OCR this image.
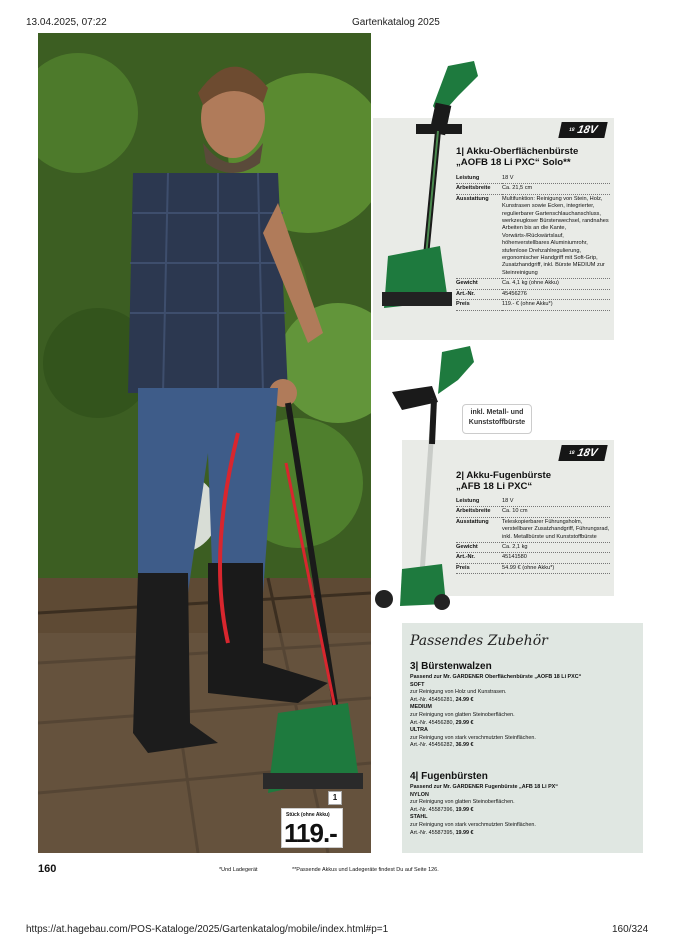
13.04.2025, 07:22	Gartenkatalog 2025
1
Stück (ohne Akku)
119.-
18 18V
1| Akku-Oberflächenbürste
„AOFB 18 Li PXC“ Solo**
Leistung	18 V
Arbeitsbreite	Ca. 21,5 cm
Ausstattung	Multifunktion: Reinigung von Stein, Holz, Kunstrasen sowie Ecken, integrierter, regulierbarer Gartenschlauchanschluss, werkzeugloser Bürstenwechsel, randnahes Arbeiten bis an die Kante, Vorwärts-/Rückwärtslauf, höhenverstellbares Aluminiumrohr, stufenlose Drehzahlregulierung, ergonomischer Handgriff mit Soft-Grip, Zusatzhandgriff, inkl. Bürste MEDIUM zur Steinreinigung
Gewicht	Ca. 4,1 kg (ohne Akku)
Art.-Nr.	45456276
Preis	119.- € (ohne Akku*)
inkl. Metall- und
Kunststoffbürste
18 18V
2| Akku-Fugenbürste
„AFB 18 Li PXC“
Leistung	18 V
Arbeitsbreite	Ca. 10 cm
Ausstattung	Teleskopierbarer Führungsholm, verstellbarer Zusatzhandgriff, Führungsrad, inkl. Metallbürste und Kunststoffbürste
Gewicht	Ca. 2,1 kg
Art.-Nr.	45141580
Preis	54.99 € (ohne Akku*)
Passendes Zubehör
3| Bürstenwalzen
Passend zur Mr. GARDENER Oberflächenbürste „AOFB 18 Li PXC“
SOFT
zur Reinigung von Holz und Kunstrasen.
Art.-Nr. 45456281, 24.99 €
MEDIUM
zur Reinigung von glatten Steinoberflächen.
Art.-Nr. 45456280, 29.99 €
ULTRA
zur Reinigung von stark verschmutzten Steinflächen.
Art.-Nr. 45456282, 36.99 €
4| Fugenbürsten
Passend zur Mr. GARDENER Fugenbürste „AFB 18 Li PX“
NYLON
zur Reinigung von glatten Steinoberflächen.
Art.-Nr. 45587396, 19.99 €
STAHL
zur Reinigung von stark verschmutzten Steinflächen.
Art.-Nr. 45587395, 19.99 €
160	*Und Ladegerät	**Passende Akkus und Ladegeräte findest Du auf Seite 126.
https://at.hagebau.com/POS-Kataloge/2025/Gartenkatalog/mobile/index.html#p=1	160/324
